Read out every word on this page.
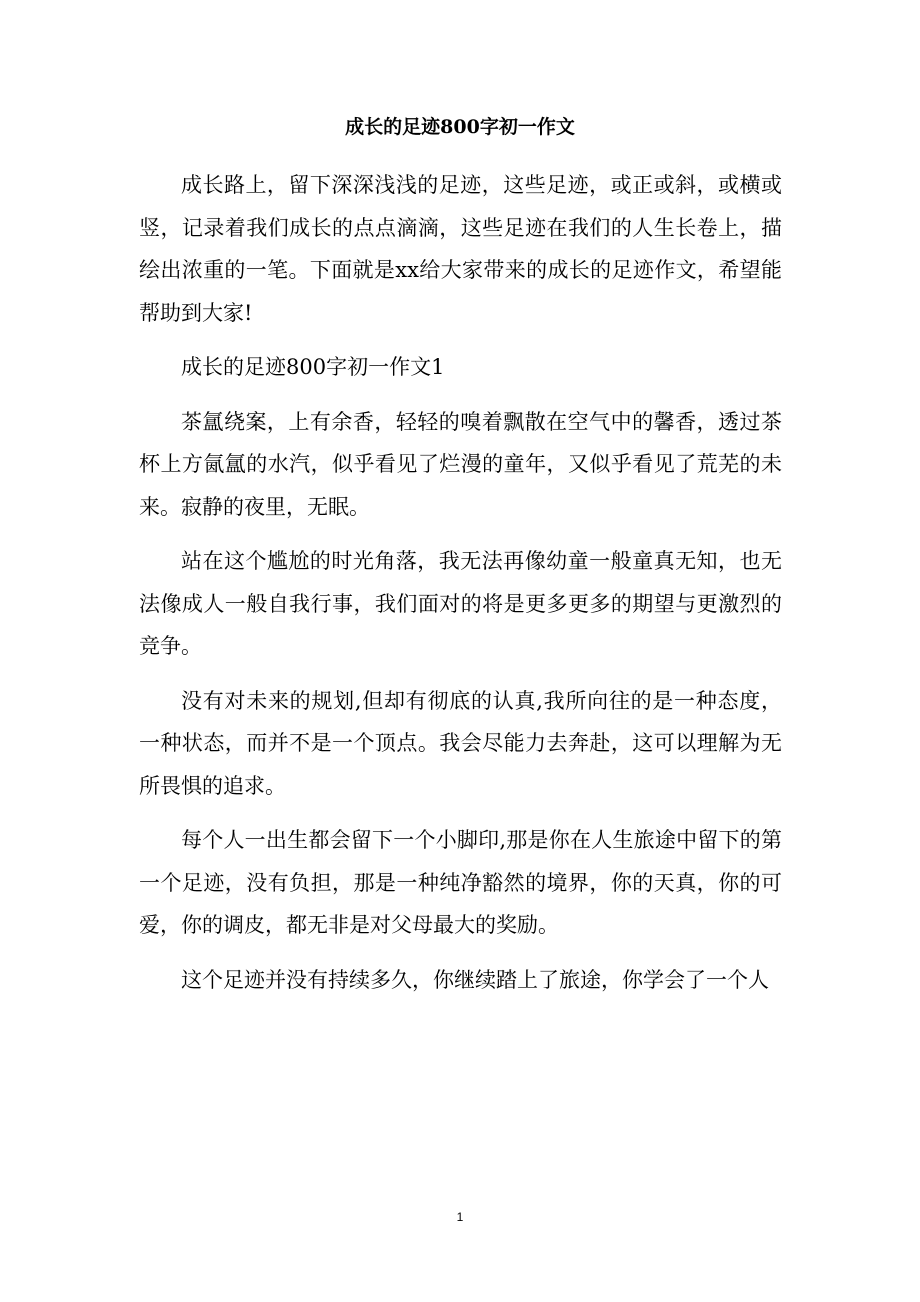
成长的足迹800字初一作文

成长路上，留下深深浅浅的足迹，这些足迹，或正或斜，或横或竖，记录着我们成长的点点滴滴，这些足迹在我们的人生长卷上，描绘出浓重的一笔。下面就是xx给大家带来的成长的足迹作文，希望能帮助到大家!

成长的足迹800字初一作文1

茶氲绕案，上有余香，轻轻的嗅着飘散在空气中的馨香，透过茶杯上方氤氲的水汽，似乎看见了烂漫的童年，又似乎看见了荒芜的未来。寂静的夜里，无眠。

站在这个尴尬的时光角落，我无法再像幼童一般童真无知，也无法像成人一般自我行事，我们面对的将是更多更多的期望与更激烈的竞争。

没有对未来的规划,但却有彻底的认真,我所向往的是一种态度，一种状态，而并不是一个顶点。我会尽能力去奔赴，这可以理解为无所畏惧的追求。

每个人一出生都会留下一个小脚印,那是你在人生旅途中留下的第一个足迹，没有负担，那是一种纯净豁然的境界，你的天真，你的可爱，你的调皮，都无非是对父母最大的奖励。

这个足迹并没有持续多久，你继续踏上了旅途，你学会了一个人

1
